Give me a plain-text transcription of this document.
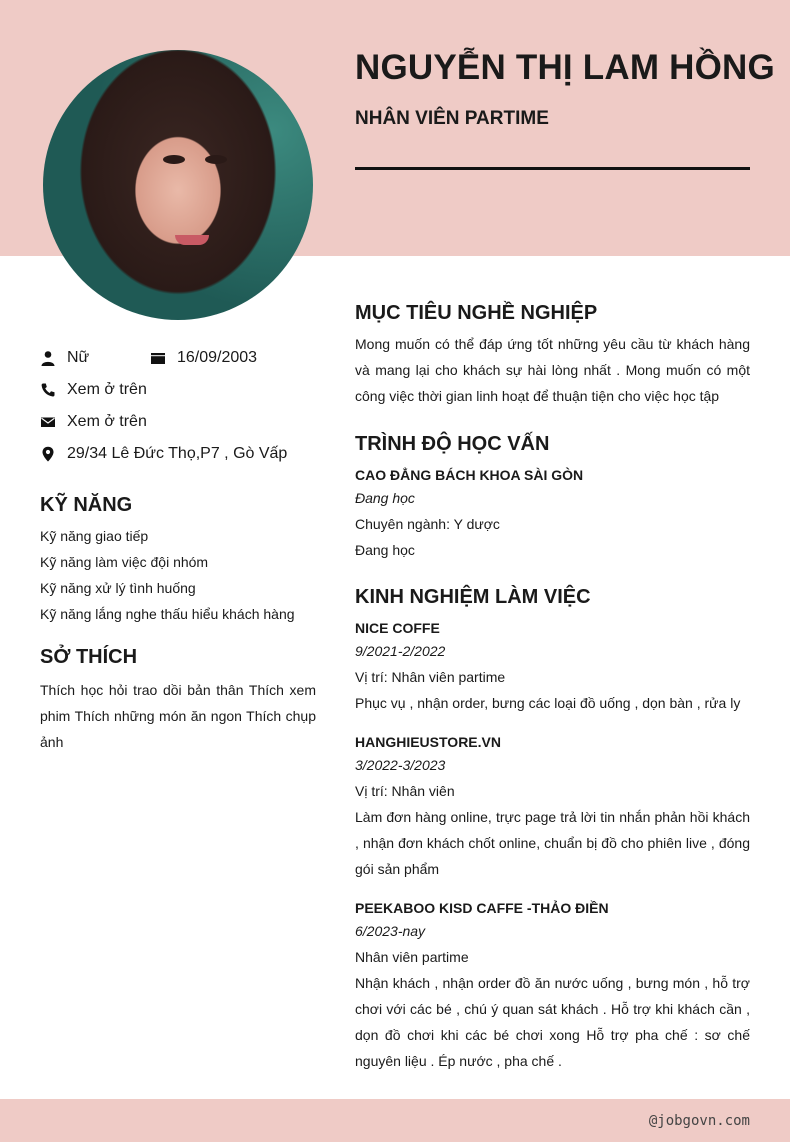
NGUYỄN THỊ LAM HỒNG
NHÂN VIÊN PARTIME
Nữ	16/09/2003
Xem ở trên
Xem ở trên
29/34 Lê Đức Thọ,P7 , Gò Vấp
KỸ NĂNG
Kỹ năng giao tiếp
Kỹ năng làm việc đội nhóm
Kỹ năng xử lý tình huống
Kỹ năng lắng nghe thấu hiểu khách hàng
SỞ THÍCH

Thích học hỏi trao dồi bản thân Thích xem phim Thích những món ăn ngon Thích chụp ảnh

MỤC TIÊU NGHỀ NGHIỆP

Mong muốn có thể đáp ứng tốt những yêu cầu từ khách hàng và mang lại cho khách sự hài lòng nhất . Mong muốn có một công việc thời gian linh hoạt để thuận tiện cho việc học tập

TRÌNH ĐỘ HỌC VẤN

CAO ĐẲNG BÁCH KHOA SÀI GÒN

Đang học

Chuyên ngành: Y dược

Đang học

KINH NGHIỆM LÀM VIỆC

NICE COFFE

9/2021-2/2022

Vị trí: Nhân viên partime

Phục vụ , nhận order, bưng các loại đồ uống , dọn bàn , rửa ly

HANGHIEUSTORE.VN

3/2022-3/2023

Vị trí: Nhân viên

Làm đơn hàng online, trực page trả lời tin nhắn phản hồi khách , nhận đơn khách chốt online, chuẩn bị đồ cho phiên live , đóng gói sản phẩm

PEEKABOO KISD CAFFE -THẢO ĐIỀN

6/2023-nay

Nhân viên partime

Nhận khách , nhận order đồ ăn nước uống , bưng món , hỗ trợ chơi với các bé , chú ý quan sát khách . Hỗ trợ khi khách cần , dọn đồ chơi khi các bé chơi xong Hỗ trợ pha chế : sơ chế nguyên liệu . Ép nước , pha chế .

@jobgovn.com
